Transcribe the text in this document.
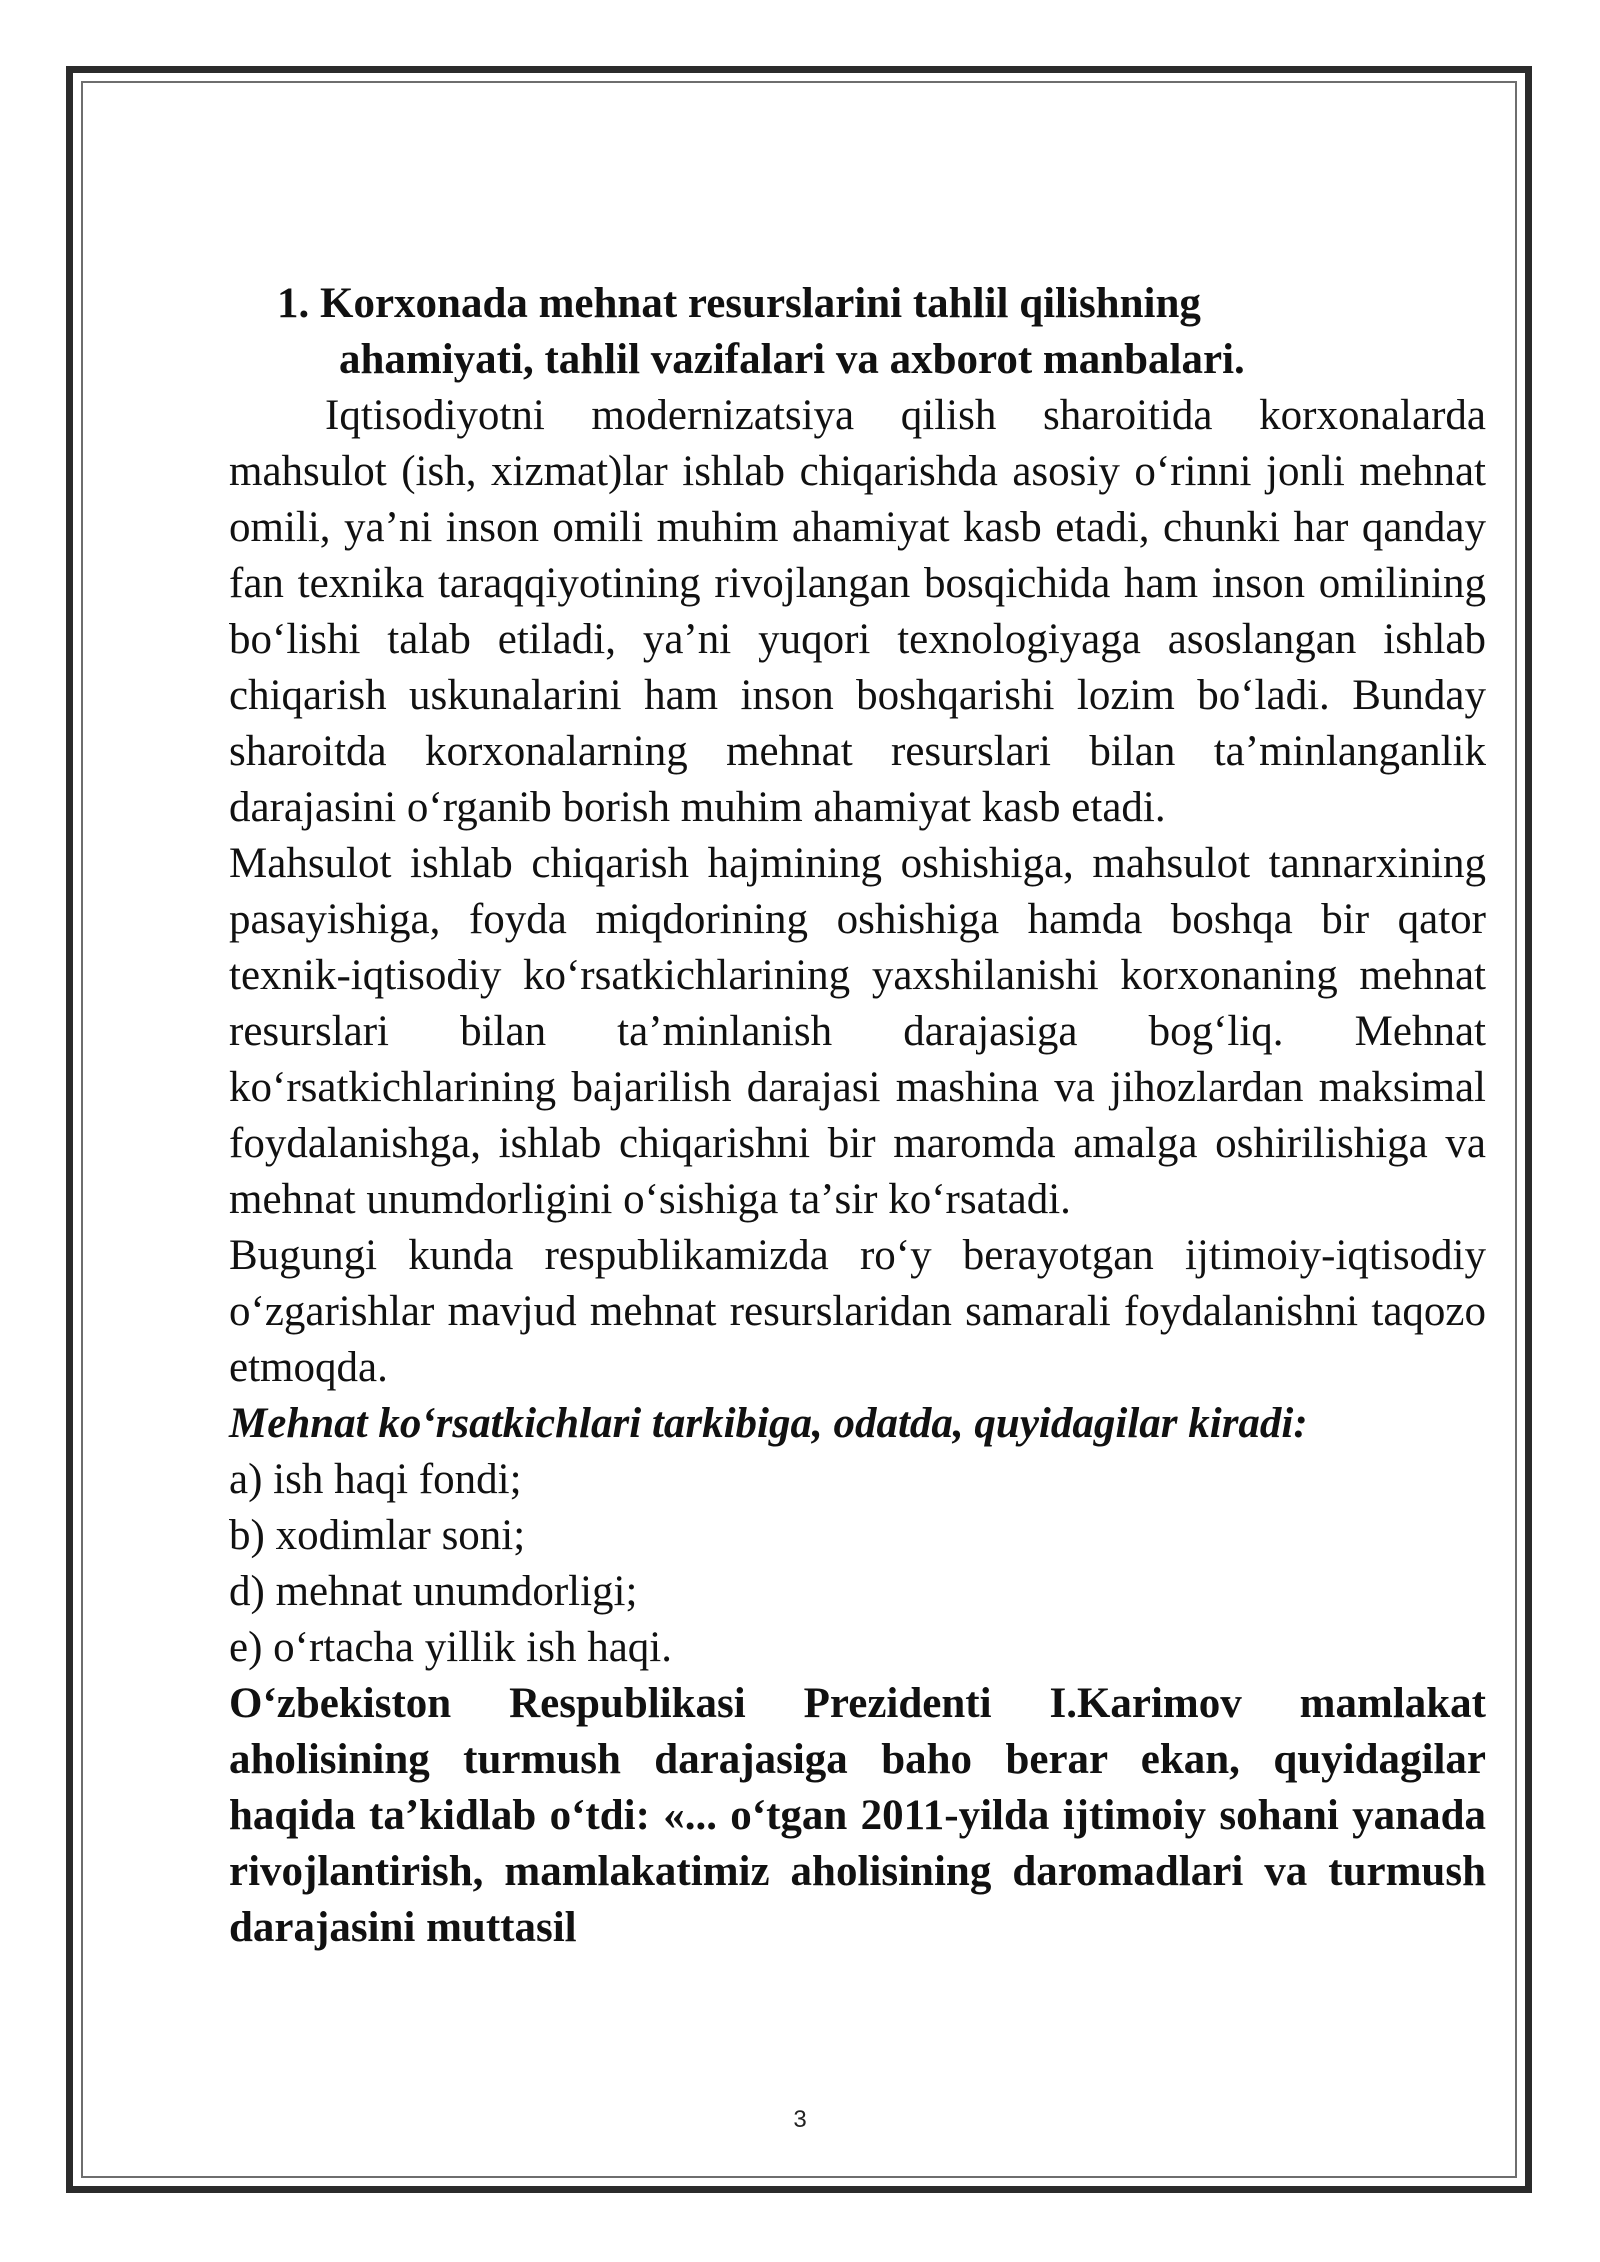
1. Korxonada mehnat resurslarini tahlil qilishning
ahamiyati, tahlil vazifalari va axborot manbalari.

Iqtisodiyotni modernizatsiya qilish sharoitida korxonalarda mahsulot (ish, xizmat)lar ishlab chiqarishda asosiy oʻrinni jonli mehnat omili, yaʼni inson omili muhim ahamiyat kasb etadi, chunki har qanday fan texnika taraqqiyotining rivojlangan bosqichida ham inson omilining boʻlishi talab etiladi, yaʼni yuqori texnologiyaga asoslangan ishlab chiqarish uskunalarini ham inson boshqarishi lozim boʻladi. Bunday sharoitda korxonalarning mehnat resurslari bilan taʼminlanganlik darajasini oʻrganib borish muhim ahamiyat kasb etadi.

Mahsulot ishlab chiqarish hajmining oshishiga, mahsulot tannarxining pasayishiga, foyda miqdorining oshishiga hamda boshqa bir qator texnik-iqtisodiy koʻrsatkichlarining yaxshilanishi korxonaning mehnat resurslari bilan taʼminlanish darajasiga bogʻliq. Mehnat koʻrsatkichlarining bajarilish darajasi mashina va jihozlardan maksimal foydalanishga, ishlab chiqarishni bir maromda amalga oshirilishiga va mehnat unumdorligini oʻsishiga taʼsir koʻrsatadi.

Bugungi kunda respublikamizda roʻy berayotgan ijtimoiy-iqtisodiy oʻzgarishlar mavjud mehnat resurslaridan samarali foydalanishni taqozo etmoqda.

Mehnat koʻrsatkichlari tarkibiga, odatda, quyidagilar kiradi:

a) ish haqi fondi;

b) xodimlar soni;

d) mehnat unumdorligi;

e) oʻrtacha yillik ish haqi.

Oʻzbekiston Respublikasi Prezidenti I.Karimov mamlakat aholisining turmush darajasiga baho berar ekan, quyidagilar haqida taʼkidlab oʻtdi: «... oʻtgan 2011-yilda ijtimoiy sohani yanada rivojlantirish, mamlakatimiz aholisining daromadlari va turmush darajasini muttasil

3
